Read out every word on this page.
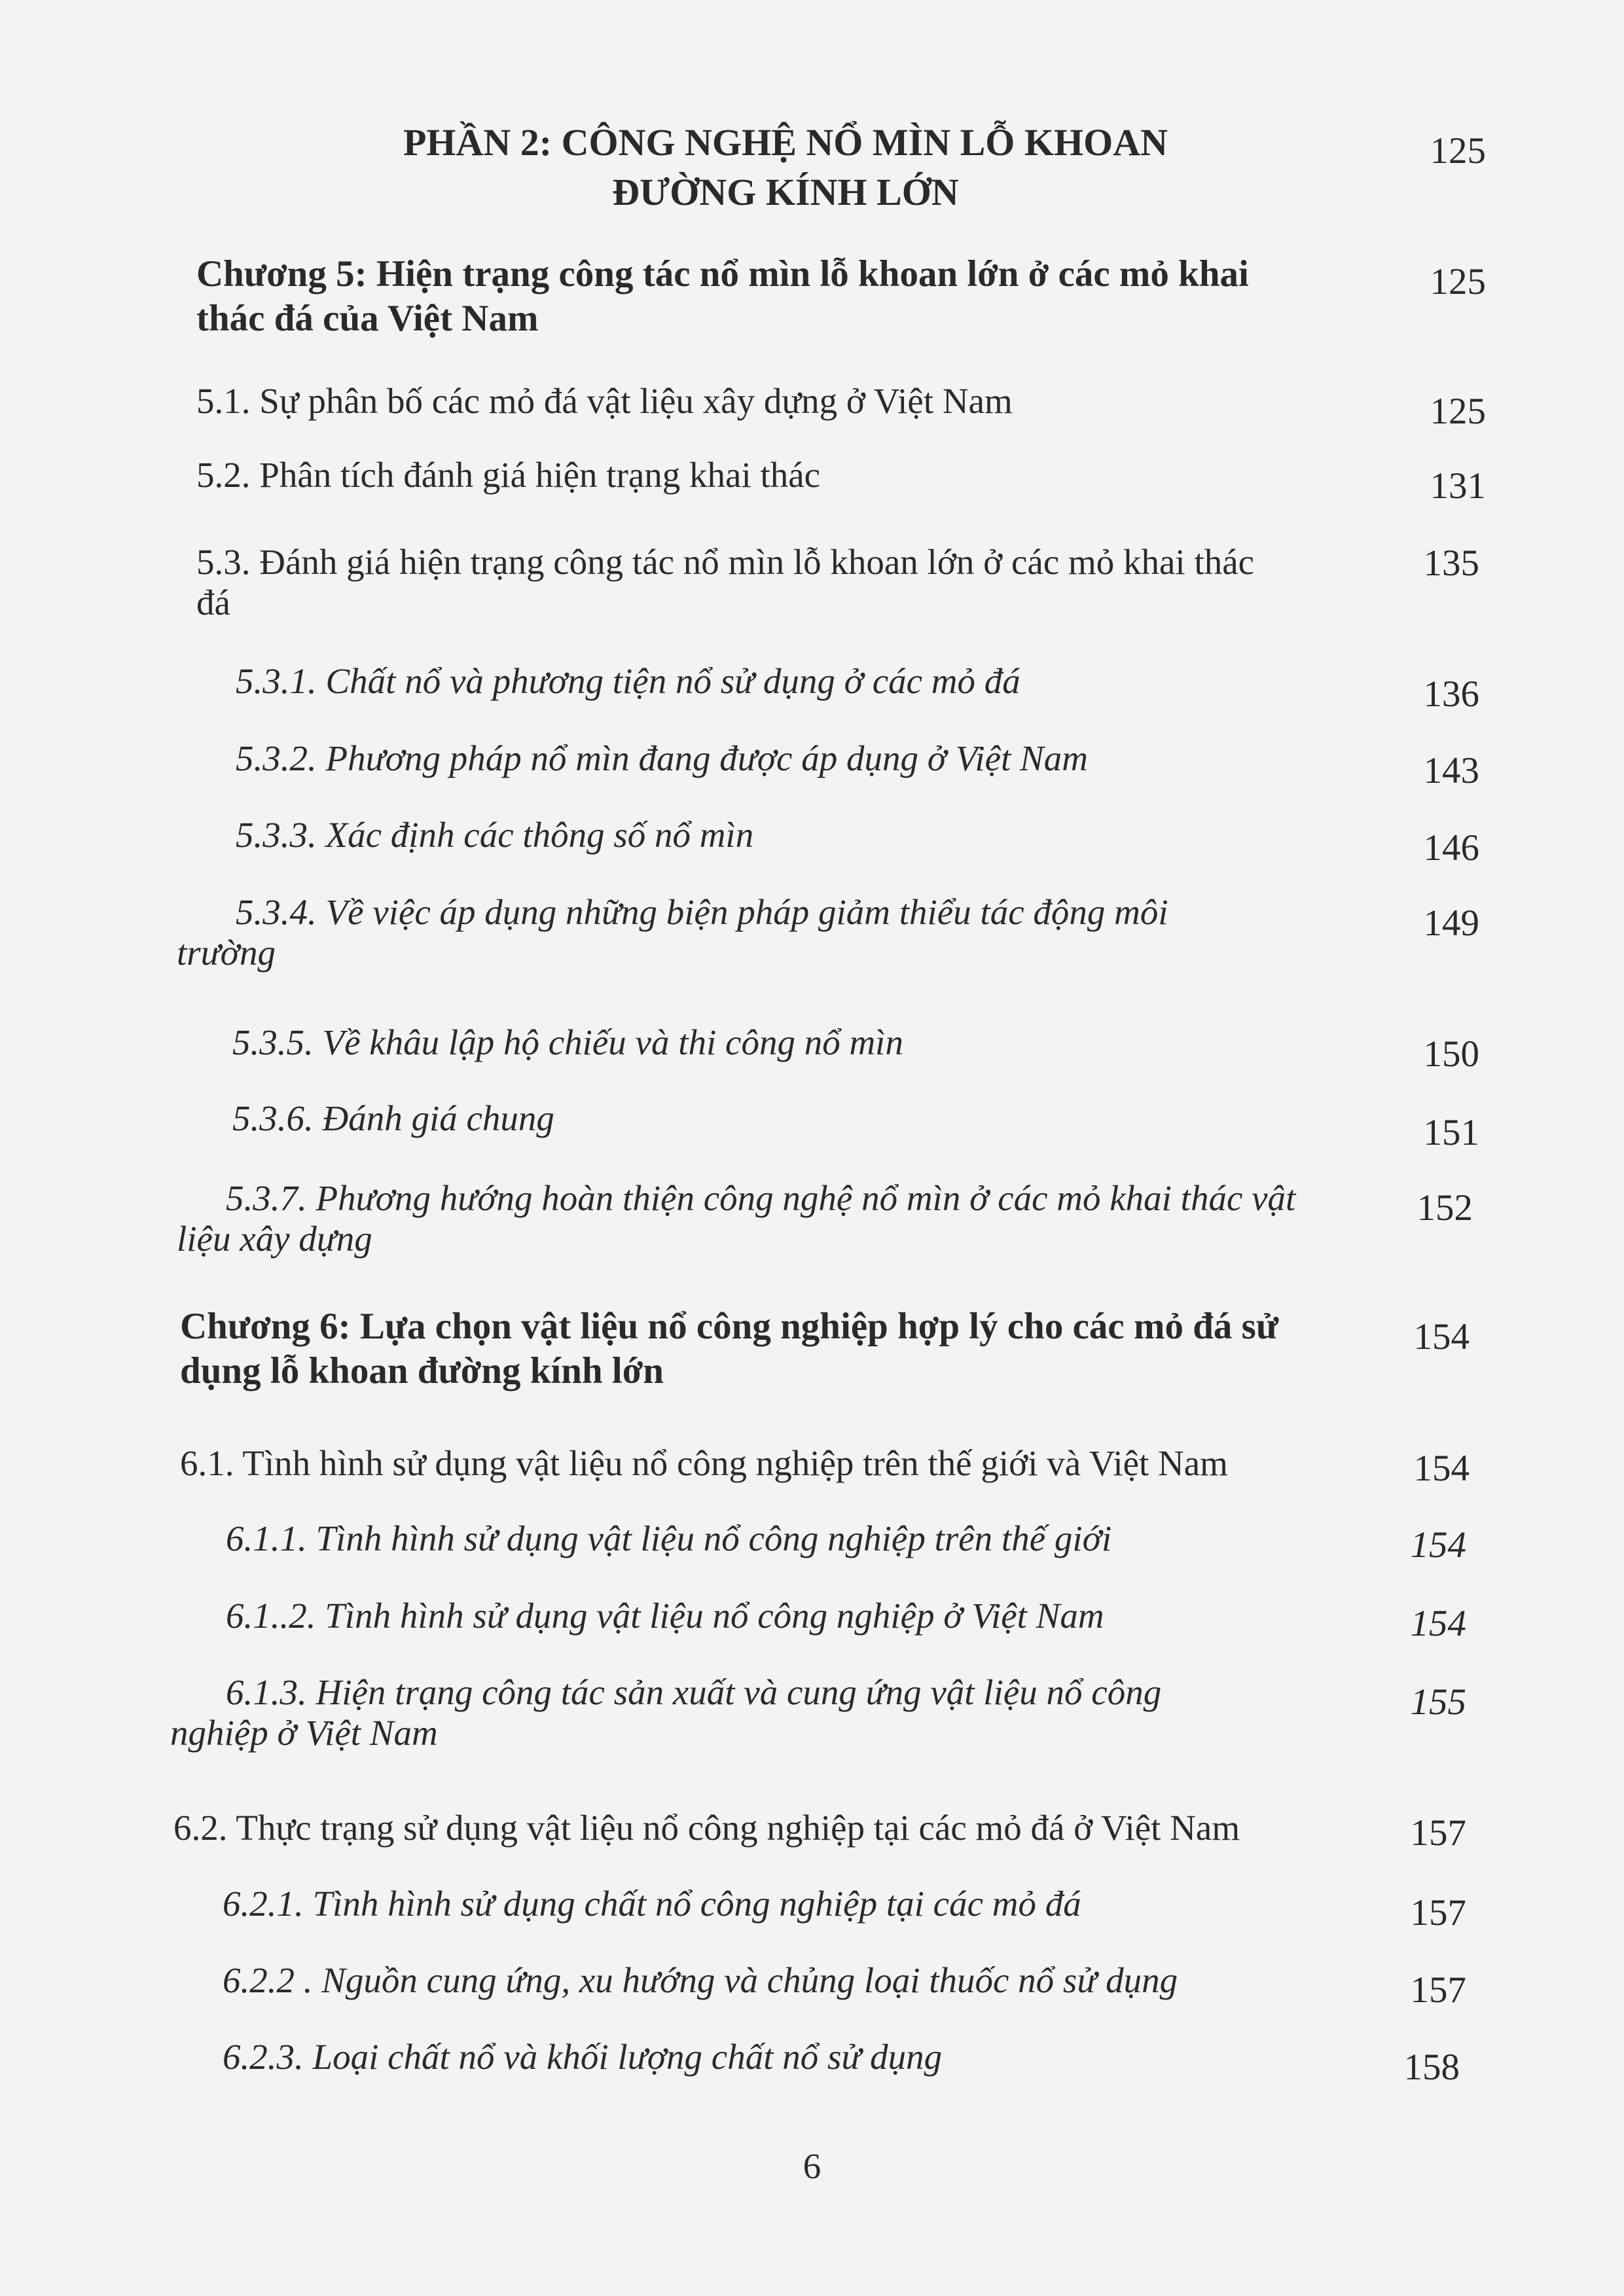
PHẦN 2: CÔNG NGHỆ NỔ MÌN LỖ KHOAN
ĐƯỜNG KÍNH LỚN
125
Chương 5: Hiện trạng công tác nổ mìn lỗ khoan lớn ở các mỏ khai
thác đá của Việt Nam
125
5.1. Sự phân bố các mỏ đá vật liệu xây dựng ở Việt Nam	125
5.2. Phân tích đánh giá hiện trạng khai thác	131
5.3. Đánh giá hiện trạng công tác nổ mìn lỗ khoan lớn ở các mỏ khai thác
đá
135
5.3.1. Chất nổ và phương tiện nổ sử dụng ở các mỏ đá	136
5.3.2. Phương pháp nổ mìn đang được áp dụng ở Việt Nam	143
5.3.3. Xác định các thông số nổ mìn	146
5.3.4. Về việc áp dụng những biện pháp giảm thiểu tác động môi
trường
149
5.3.5. Về khâu lập hộ chiếu và thi công nổ mìn	150
5.3.6. Đánh giá chung	151
5.3.7. Phương hướng hoàn thiện công nghệ nổ mìn ở các mỏ khai thác vật
liệu xây dựng
152
Chương 6: Lựa chọn vật liệu nổ công nghiệp hợp lý cho các mỏ đá sử
dụng lỗ khoan đường kính lớn
154
6.1. Tình hình sử dụng vật liệu nổ công nghiệp trên thế giới và Việt Nam	154
6.1.1. Tình hình sử dụng vật liệu nổ công nghiệp trên thế giới	154
6.1..2. Tình hình sử dụng vật liệu nổ công nghiệp ở Việt Nam	154
6.1.3. Hiện trạng công tác sản xuất và cung ứng vật liệu nổ công
nghiệp ở Việt Nam
155
6.2. Thực trạng sử dụng vật liệu nổ công nghiệp tại các mỏ đá ở Việt Nam	157
6.2.1. Tình hình sử dụng chất nổ công nghiệp tại các mỏ đá	157
6.2.2 . Nguồn cung ứng, xu hướng và chủng loại thuốc nổ sử dụng	157
6.2.3. Loại chất nổ và khối lượng chất nổ sử dụng	158
6
